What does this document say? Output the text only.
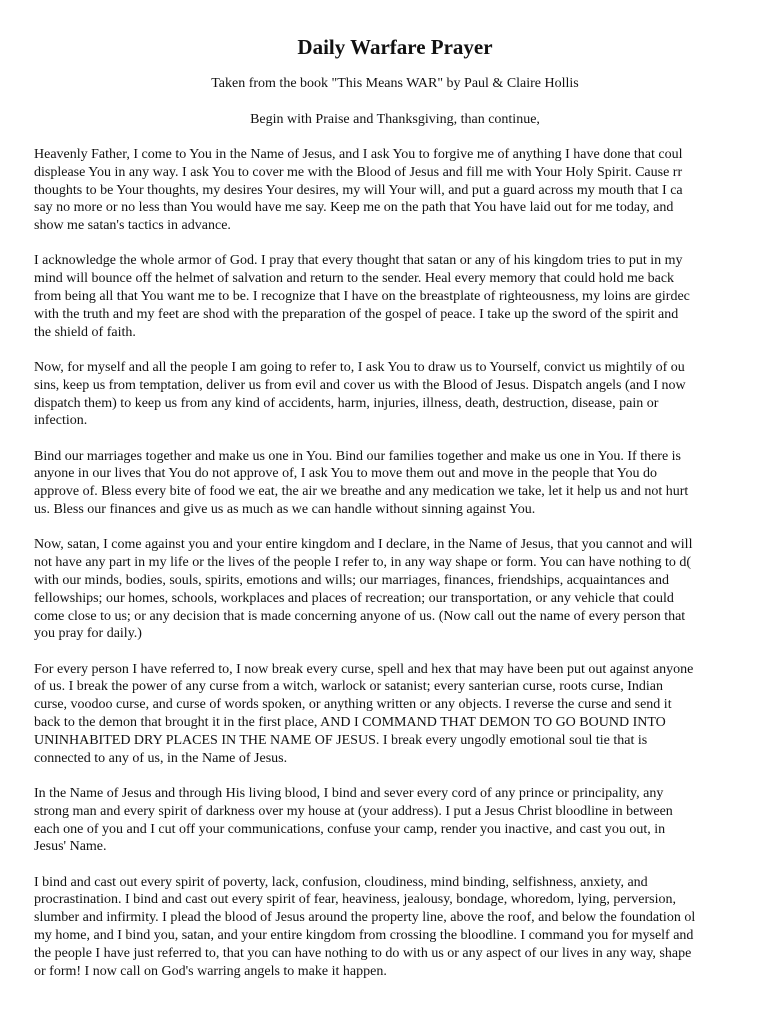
Daily Warfare Prayer

Taken from the book "This Means WAR" by Paul & Claire Hollis

Begin with Praise and Thanksgiving, than continue,

Heavenly Father, I come to You in the Name of Jesus, and I ask You to forgive me of anything I have done that coul
displease You in any way. I ask You to cover me with the Blood of Jesus and fill me with Your Holy Spirit. Cause rr
thoughts to be Your thoughts, my desires Your desires, my will Your will, and put a guard across my mouth that I ca
say no more or no less than You would have me say. Keep me on the path that You have laid out for me today, and
show me satan's tactics in advance.

I acknowledge the whole armor of God. I pray that every thought that satan or any of his kingdom tries to put in my
mind will bounce off the helmet of salvation and return to the sender. Heal every memory that could hold me back
from being all that You want me to be. I recognize that I have on the breastplate of righteousness, my loins are girdec
with the truth and my feet are shod with the preparation of the gospel of peace. I take up the sword of the spirit and
the shield of faith.

Now, for myself and all the people I am going to refer to, I ask You to draw us to Yourself, convict us mightily of ou
sins, keep us from temptation, deliver us from evil and cover us with the Blood of Jesus. Dispatch angels (and I now
dispatch them) to keep us from any kind of accidents, harm, injuries, illness, death, destruction, disease, pain or
infection.

Bind our marriages together and make us one in You. Bind our families together and make us one in You. If there is
anyone in our lives that You do not approve of, I ask You to move them out and move in the people that You do
approve of. Bless every bite of food we eat, the air we breathe and any medication we take, let it help us and not hurt
us. Bless our finances and give us as much as we can handle without sinning against You.

Now, satan, I come against you and your entire kingdom and I declare, in the Name of Jesus, that you cannot and will
not have any part in my life or the lives of the people I refer to, in any way shape or form. You can have nothing to d(
with our minds, bodies, souls, spirits, emotions and wills; our marriages, finances, friendships, acquaintances and
fellowships; our homes, schools, workplaces and places of recreation; our transportation, or any vehicle that could
come close to us; or any decision that is made concerning anyone of us. (Now call out the name of every person that
you pray for daily.)

For every person I have referred to, I now break every curse, spell and hex that may have been put out against anyone
of us. I break the power of any curse from a witch, warlock or satanist; every santerian curse, roots curse, Indian
curse, voodoo curse, and curse of words spoken, or anything written or any objects. I reverse the curse and send it
back to the demon that brought it in the first place, AND I COMMAND THAT DEMON TO GO BOUND INTO
UNINHABITED DRY PLACES IN THE NAME OF JESUS. I break every ungodly emotional soul tie that is
connected to any of us, in the Name of Jesus.

In the Name of Jesus and through His living blood, I bind and sever every cord of any prince or principality, any
strong man and every spirit of darkness over my house at (your address). I put a Jesus Christ bloodline in between
each one of you and I cut off your communications, confuse your camp, render you inactive, and cast you out, in
Jesus' Name.

I bind and cast out every spirit of poverty, lack, confusion, cloudiness, mind binding, selfishness, anxiety, and
procrastination. I bind and cast out every spirit of fear, heaviness, jealousy, bondage, whoredom, lying, perversion,
slumber and infirmity. I plead the blood of Jesus around the property line, above the roof, and below the foundation ol
my home, and I bind you, satan, and your entire kingdom from crossing the bloodline. I command you for myself and
the people I have just referred to, that you can have nothing to do with us or any aspect of our lives in any way, shape
or form! I now call on God's warring angels to make it happen.
